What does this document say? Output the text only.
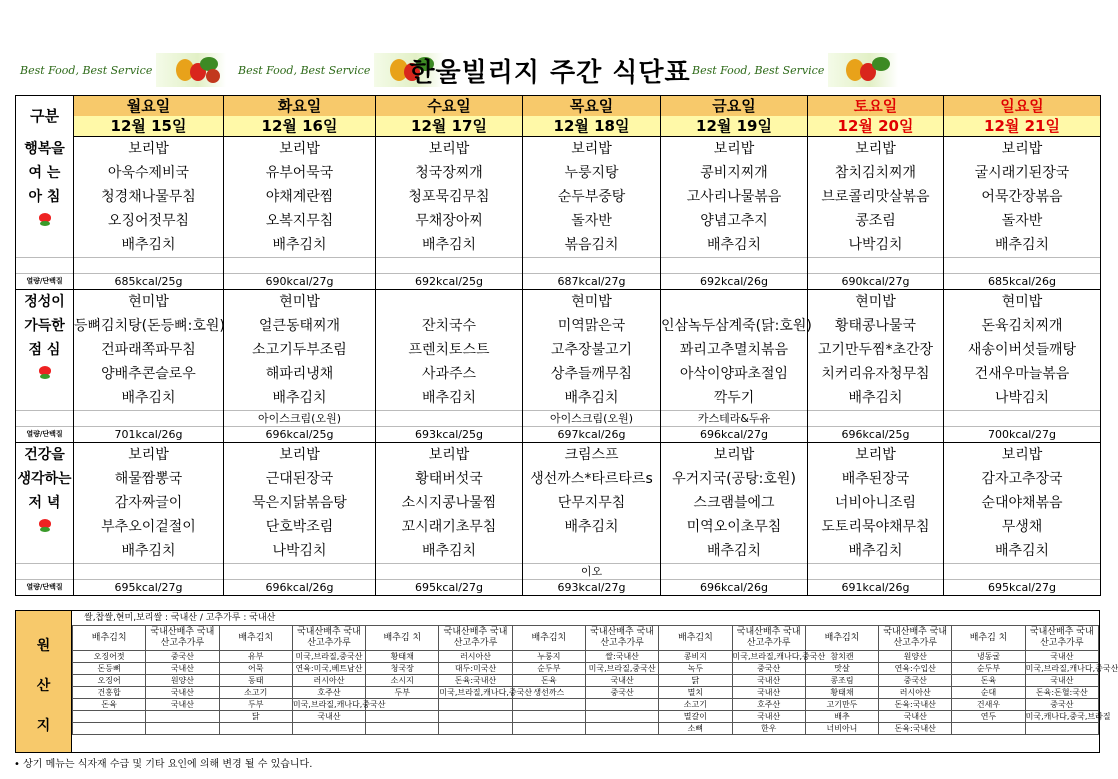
Best Food, Best Service	Best Food, Best Service	한울빌리지 주간 식단표 Best Food, Best Service
구분	월요일	화요일	수요일	목요일	금요일	토요일	일요일
	12월 15일	12월 16일	12월 17일	12월 18일	12월 19일	12월 20일	12월 21일
행복을	보리밥	보리밥	보리밥	보리밥	보리밥	보리밥	보리밥
여 는	아욱수제비국	유부어묵국	청국장찌개	누룽지탕	콩비지찌개	참치김치찌개	굴시래기된장국
아 침	청경채나물무침	야채계란찜	청포묵김무침	순두부중탕	고사리나물볶음	브로콜리맛살볶음	어묵간장볶음
	오징어젓무침	오복지무침	무채장아찌	돌자반	양념고추지	콩조림	돌자반
	배추김치	배추김치	배추김치	볶음김치	배추김치	나박김치	배추김치

열량/단백질	685kcal/25g	690kcal/27g	692kcal/25g	687kcal/27g	692kcal/26g	690kcal/27g	685kcal/26g
정성이	현미밥	현미밥		현미밥		현미밥	현미밥
가득한	등뼈김치탕(돈등뼈:호원)	얼큰동태찌개	잔치국수	미역맑은국	인삼녹두삼계죽(닭:호원)	황태콩나물국	돈육김치찌개
점 심	건파래쪽파무침	소고기두부조림	프렌치토스트	고추장불고기	꽈리고추멸치볶음	고기만두찜*초간장	새송이버섯들깨탕
	양배추콘슬로우	해파리냉채	사과주스	상추들깨무침	아삭이양파초절임	치커리유자청무침	건새우마늘볶음
	배추김치	배추김치	배추김치	배추김치	깍두기	배추김치	나박김치
		아이스크림(오원)		아이스크림(오원)	카스테라&두유		
열량/단백질	701kcal/26g	696kcal/25g	693kcal/25g	697kcal/26g	696kcal/27g	696kcal/25g	700kcal/27g
건강을	보리밥	보리밥	보리밥	크림스프	보리밥	보리밥	보리밥
생각하는	해물짬뽕국	근대된장국	황태버섯국	생선까스*타르타르s	우거지국(공탕:호원)	배추된장국	감자고추장국
저 녁	감자짜글이	묵은지닭볶음탕	소시지콩나물찜	단무지무침	스크램블에그	너비아니조림	순대야채볶음
	부추오이겉절이	단호박조림	꼬시래기초무침	배추김치	미역오이초무침	도토리묵야채무침	무생채
	배추김치	나박김치	배추김치		배추김치	배추김치	배추김치
				이오			
열량/단백질	695kcal/27g	696kcal/26g	695kcal/27g	693kcal/27g	696kcal/26g	691kcal/26g	695kcal/27g
원
산
지
쌀,찹쌀,현미,보리쌀 : 국내산 / 고추가루 : 국내산
배추김치	국내산배추 국내산고추가루	배추김치	국내산배추 국내산고추가루	배추김 치	국내산배추 국내산고추가루	배추김치	국내산배추 국내산고추가루	배추김치	국내산배추 국내산고추가루	배추김치	국내산배추 국내산고추가루	배추김 치	국내산배추 국내산고추가루
오징어젓	중국산	유부	미국,브라질,중국산	황태채	러시아산	누룽지	쌀:국내산	콩비지	미국,브라질,캐나다,중국산	참치캔	원양산	냉동굴	국내산
돈등뼈	국내산	어묵	연육:미국,베트남산	청국장	대두:미국산	순두부	미국,브라질,중국산	녹두	중국산	맛살	연육:수입산	순두부	미국,브라질,캐나다,중국산
오징어	원양산	동태	러시아산	소시지	돈육:국내산	돈육	국내산	닭	국내산	콩조림	중국산	돈육	국내산
건홍합	국내산	소고기	호주산	두부	미국,브라질,캐나다,중국산	생선까스	중국산	멸치	국내산	황태채	러시아산	순대	돈육:돈혈:국산
돈육	국내산	두부	미국,브라질,캐나다,중국산					소고기	호주산	고기만두	돈육:국내산	건새우	중국산
		닭	국내산					멸갈이	국내산	배추	국내산	연두	미국,캐나다,중국,브라질
								소뼈	한우	너비아니	돈육:국내산		
• 상기 메뉴는 식자재 수급 및 기타 요인에 의해 변경 될 수 있습니다.
